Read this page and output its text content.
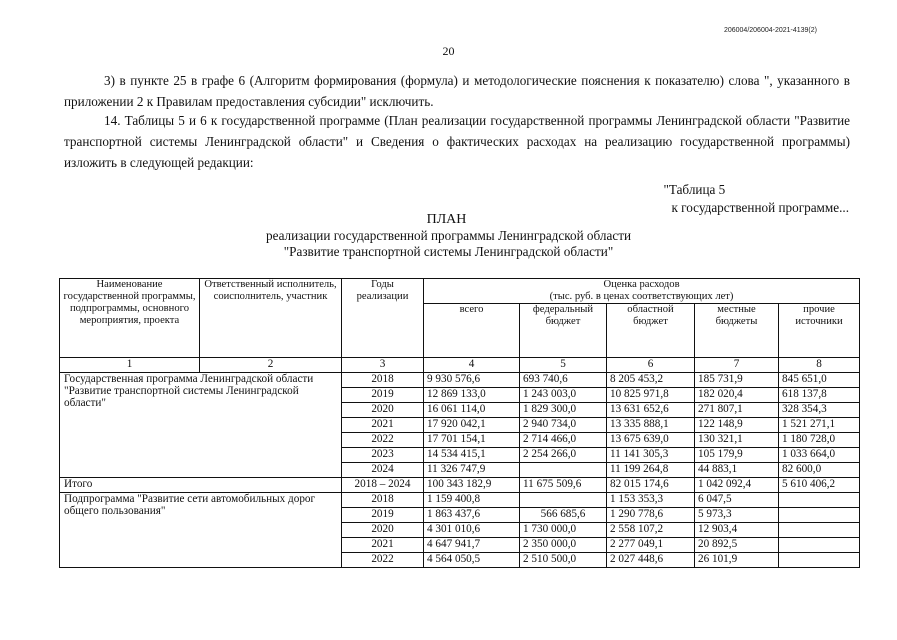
206004/206004-2021-4139(2)
20
3) в пункте 25 в графе 6 (Алгоритм формирования (формула) и методологические пояснения к показателю) слова ", указанного в приложении 2 к Правилам предоставления субсидии" исключить.
14. Таблицы 5 и 6 к государственной программе (План реализации государственной программы Ленинградской области "Развитие транспортной системы Ленинградской области" и Сведения о фактических расходах на реализацию государственной программы) изложить в следующей редакции:
"Таблица 5
к государственной программе...
ПЛАН
реализации государственной программы Ленинградской области
"Развитие транспортной системы Ленинградской области"
Наименование государственной программы, подпрограммы, основного мероприятия, проекта	Ответственный исполнитель, соисполнитель, участник	Годы реализации	Оценка расходов
(тыс. руб. в ценах соответствующих лет)				

			всего	федеральный бюджет	областной бюджет	местные бюджеты	прочие источники
1	2	3	4	5	6	7	8
Государственная программа Ленинградской области "Развитие транспортной системы Ленинградской области"		2018	9 930 576,6	693 740,6	8 205 453,2	185 731,9	845 651,0
		2019	12 869 133,0	1 243 003,0	10 825 971,8	182 020,4	618 137,8
		2020	16 061 114,0	1 829 300,0	13 631 652,6	271 807,1	328 354,3
		2021	17 920 042,1	2 940 734,0	13 335 888,1	122 148,9	1 521 271,1
		2022	17 701 154,1	2 714 466,0	13 675 639,0	130 321,1	1 180 728,0
		2023	14 534 415,1	2 254 266,0	11 141 305,3	105 179,9	1 033 664,0
		2024	11 326 747,9		11 199 264,8	44 883,1	82 600,0
Итого		2018 – 2024	100 343 182,9	11 675 509,6	82 015 174,6	1 042 092,4	5 610 406,2
Подпрограмма "Развитие сети автомобильных дорог общего пользования"		2018	1 159 400,8		1 153 353,3	6 047,5	
		2019	1 863 437,6	566 685,6	1 290 778,6	5 973,3	
		2020	4 301 010,6	1 730 000,0	2 558 107,2	12 903,4	
		2021	4 647 941,7	2 350 000,0	2 277 049,1	20 892,5	
		2022	4 564 050,5	2 510 500,0	2 027 448,6	26 101,9	
